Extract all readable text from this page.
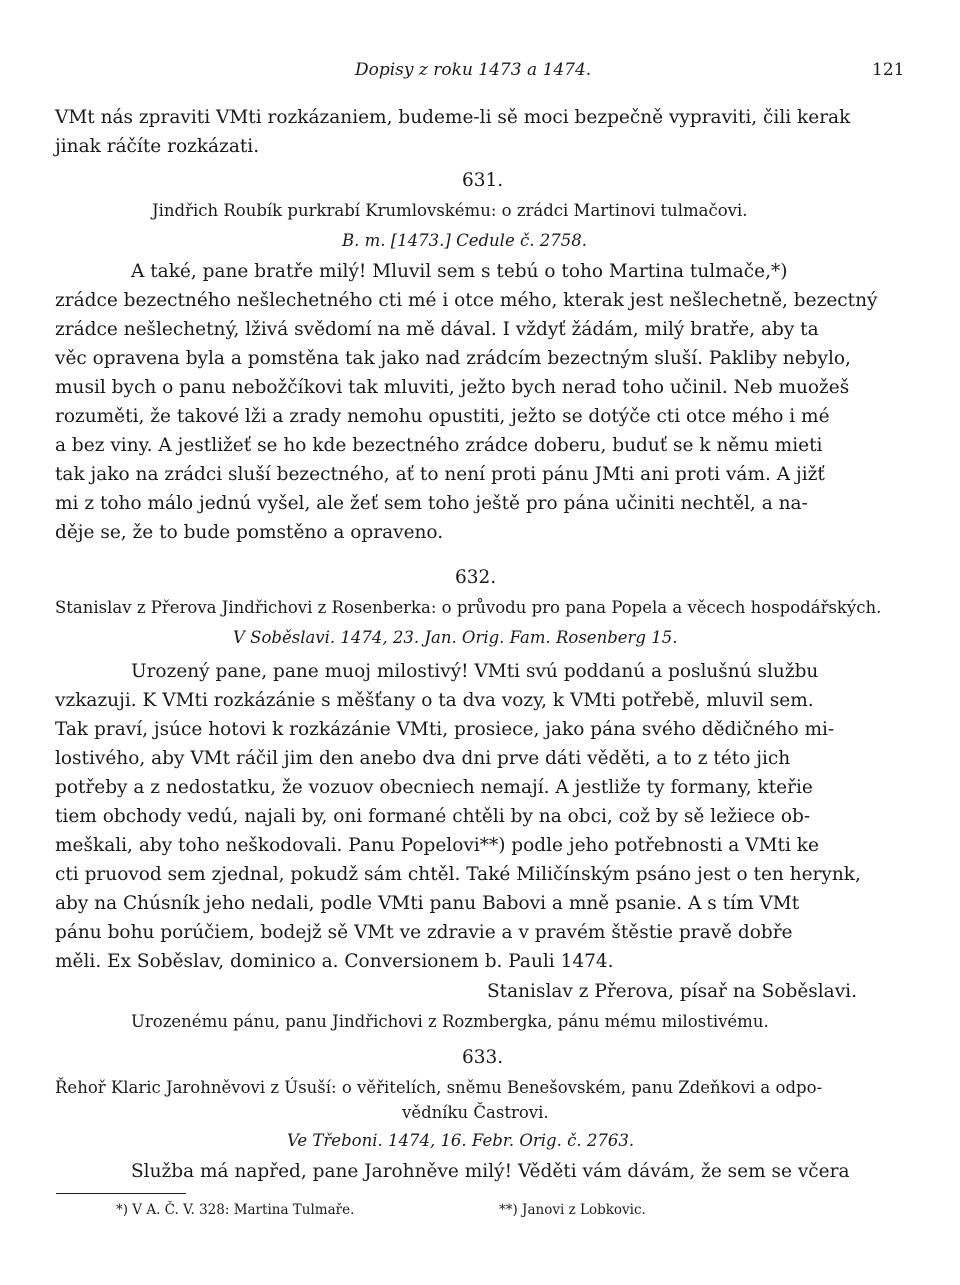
Dopisy z roku 1473 a 1474.	121
VMt nás zpraviti VMti rozkázaniem, budeme-li sě moci bezpečně vypraviti, čili kerak
jinak ráčíte rozkázati.
631.
Jindřich Roubík purkrabí Krumlovskému: o zrádci Martinovi tulmačovi.
B. m. [1473.] Cedule č. 2758.
A také, pane bratře milý! Mluvil sem s tebú o toho Martina tulmače,*)
zrádce bezectného nešlechetného cti mé i otce mého, kterak jest nešlechetně, bezectný
zrádce nešlechetný, lživá svědomí na mě dával. I vždyť žádám, milý bratře, aby ta
věc opravena byla a pomstěna tak jako nad zrádcím bezectným sluší. Pakliby nebylo,
musil bych o panu nebožčíkovi tak mluviti, ježto bych nerad toho učinil. Neb muožeš
rozuměti, že takové lži a zrady nemohu opustiti, ježto se dotýče cti otce mého i mé
a bez viny. A jestližeť se ho kde bezectného zrádce doberu, buduť se k němu mieti
tak jako na zrádci sluší bezectného, ať to není proti pánu JMti ani proti vám. A jižť
mi z toho málo jednú vyšel, ale žeť sem toho ještě pro pána učiniti nechtěl, a na-
děje se, že to bude pomstěno a opraveno.
632.
Stanislav z Přerova Jindřichovi z Rosenberka: o průvodu pro pana Popela a věcech hospodářských.
V Soběslavi. 1474, 23. Jan. Orig. Fam. Rosenberg 15.
Urozený pane, pane muoj milostivý! VMti svú poddanú a poslušnú službu
vzkazuji. K VMti rozkázánie s měšťany o ta dva vozy, k VMti potřebě, mluvil sem.
Tak praví, jsúce hotovi k rozkázánie VMti, prosiece, jako pána svého dědičného mi-
lostivého, aby VMt ráčil jim den anebo dva dni prve dáti věděti, a to z této jich
potřeby a z nedostatku, že vozuov obecniech nemají. A jestliže ty formany, kteřie
tiem obchody vedú, najali by, oni formané chtěli by na obci, což by sě ležiece ob-
meškali, aby toho neškodovali. Panu Popelovi**) podle jeho potřebnosti a VMti ke
cti pruovod sem zjednal, pokudž sám chtěl. Také Miličínským psáno jest o ten herynk,
aby na Chúsník jeho nedali, podle VMti panu Babovi a mně psanie. A s tím VMt
pánu bohu porúčiem, bodejž sě VMt ve zdravie a v pravém štěstie pravě dobře
měli. Ex Soběslav, dominico a. Conversionem b. Pauli 1474.
Stanislav z Přerova, písař na Soběslavi.
Urozenému pánu, panu Jindřichovi z Rozmbergka, pánu mému milostivému.
633.
Řehoř Klaric Jarohněvovi z Úsuší: o věřitelích, sněmu Benešovském, panu Zdeňkovi a odpo-
vědníku Častrovi.
Ve Třeboni. 1474, 16. Febr. Orig. č. 2763.
Služba má napřed, pane Jarohněve milý! Věděti vám dávám, že sem se včera
*) V A. Č. V. 328: Martina Tulmaře.	**) Janovi z Lobkovic.
